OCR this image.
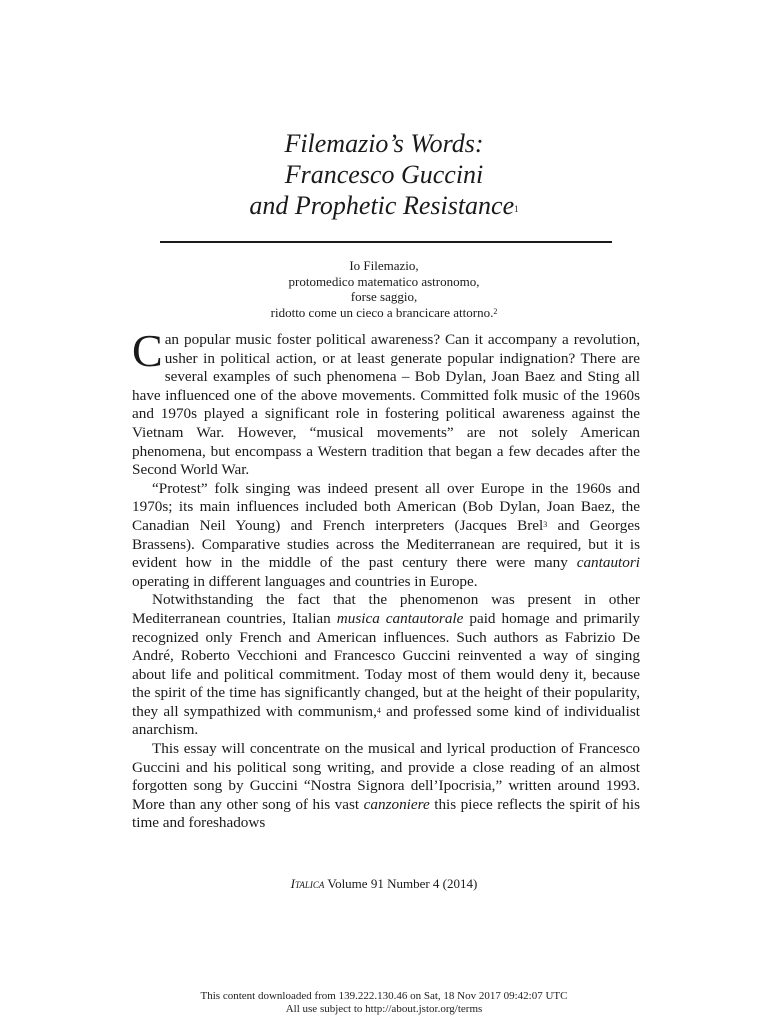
Filemazio’s Words:
Francesco Guccini
and Prophetic Resistance$^1$
Io Filemazio,
protomedico matematico astronomo,
forse saggio,
ridotto come un cieco a brancicare attorno.$^2$

Can popular music foster political awareness? Can it accompany a revolution, usher in political action, or at least generate popular indignation? There are several examples of such phenomena – Bob Dylan, Joan Baez and Sting all have influenced one of the above movements. Committed folk music of the 1960s and 1970s played a significant role in fostering political awareness against the Vietnam War. However, “musical movements” are not solely American phenomena, but encompass a Western tradition that began a few decades after the Second World War.

“Protest” folk singing was indeed present all over Europe in the 1960s and 1970s; its main influences included both American (Bob Dylan, Joan Baez, the Canadian Neil Young) and French interpreters (Jacques Brel$^3$ and Georges Brassens). Comparative studies across the Mediterranean are required, but it is evident how in the middle of the past century there were many cantautori operating in different languages and countries in Europe.

Notwithstanding the fact that the phenomenon was present in other Mediterranean countries, Italian musica cantautorale paid homage and primarily recognized only French and American influences. Such authors as Fabrizio De André, Roberto Vecchioni and Francesco Guccini reinvented a way of singing about life and political commitment. Today most of them would deny it, because the spirit of the time has significantly changed, but at the height of their popularity, they all sympathized with communism,$^4$ and professed some kind of individualist anarchism.

This essay will concentrate on the musical and lyrical production of Francesco Guccini and his political song writing, and provide a close reading of an almost forgotten song by Guccini “Nostra Signora dell’Ipocrisia,” written around 1993. More than any other song of his vast canzoniere this piece reflects the spirit of his time and foreshadows

Italica Volume 91 Number 4 (2014)
This content downloaded from 139.222.130.46 on Sat, 18 Nov 2017 09:42:07 UTC
All use subject to http://about.jstor.org/terms
